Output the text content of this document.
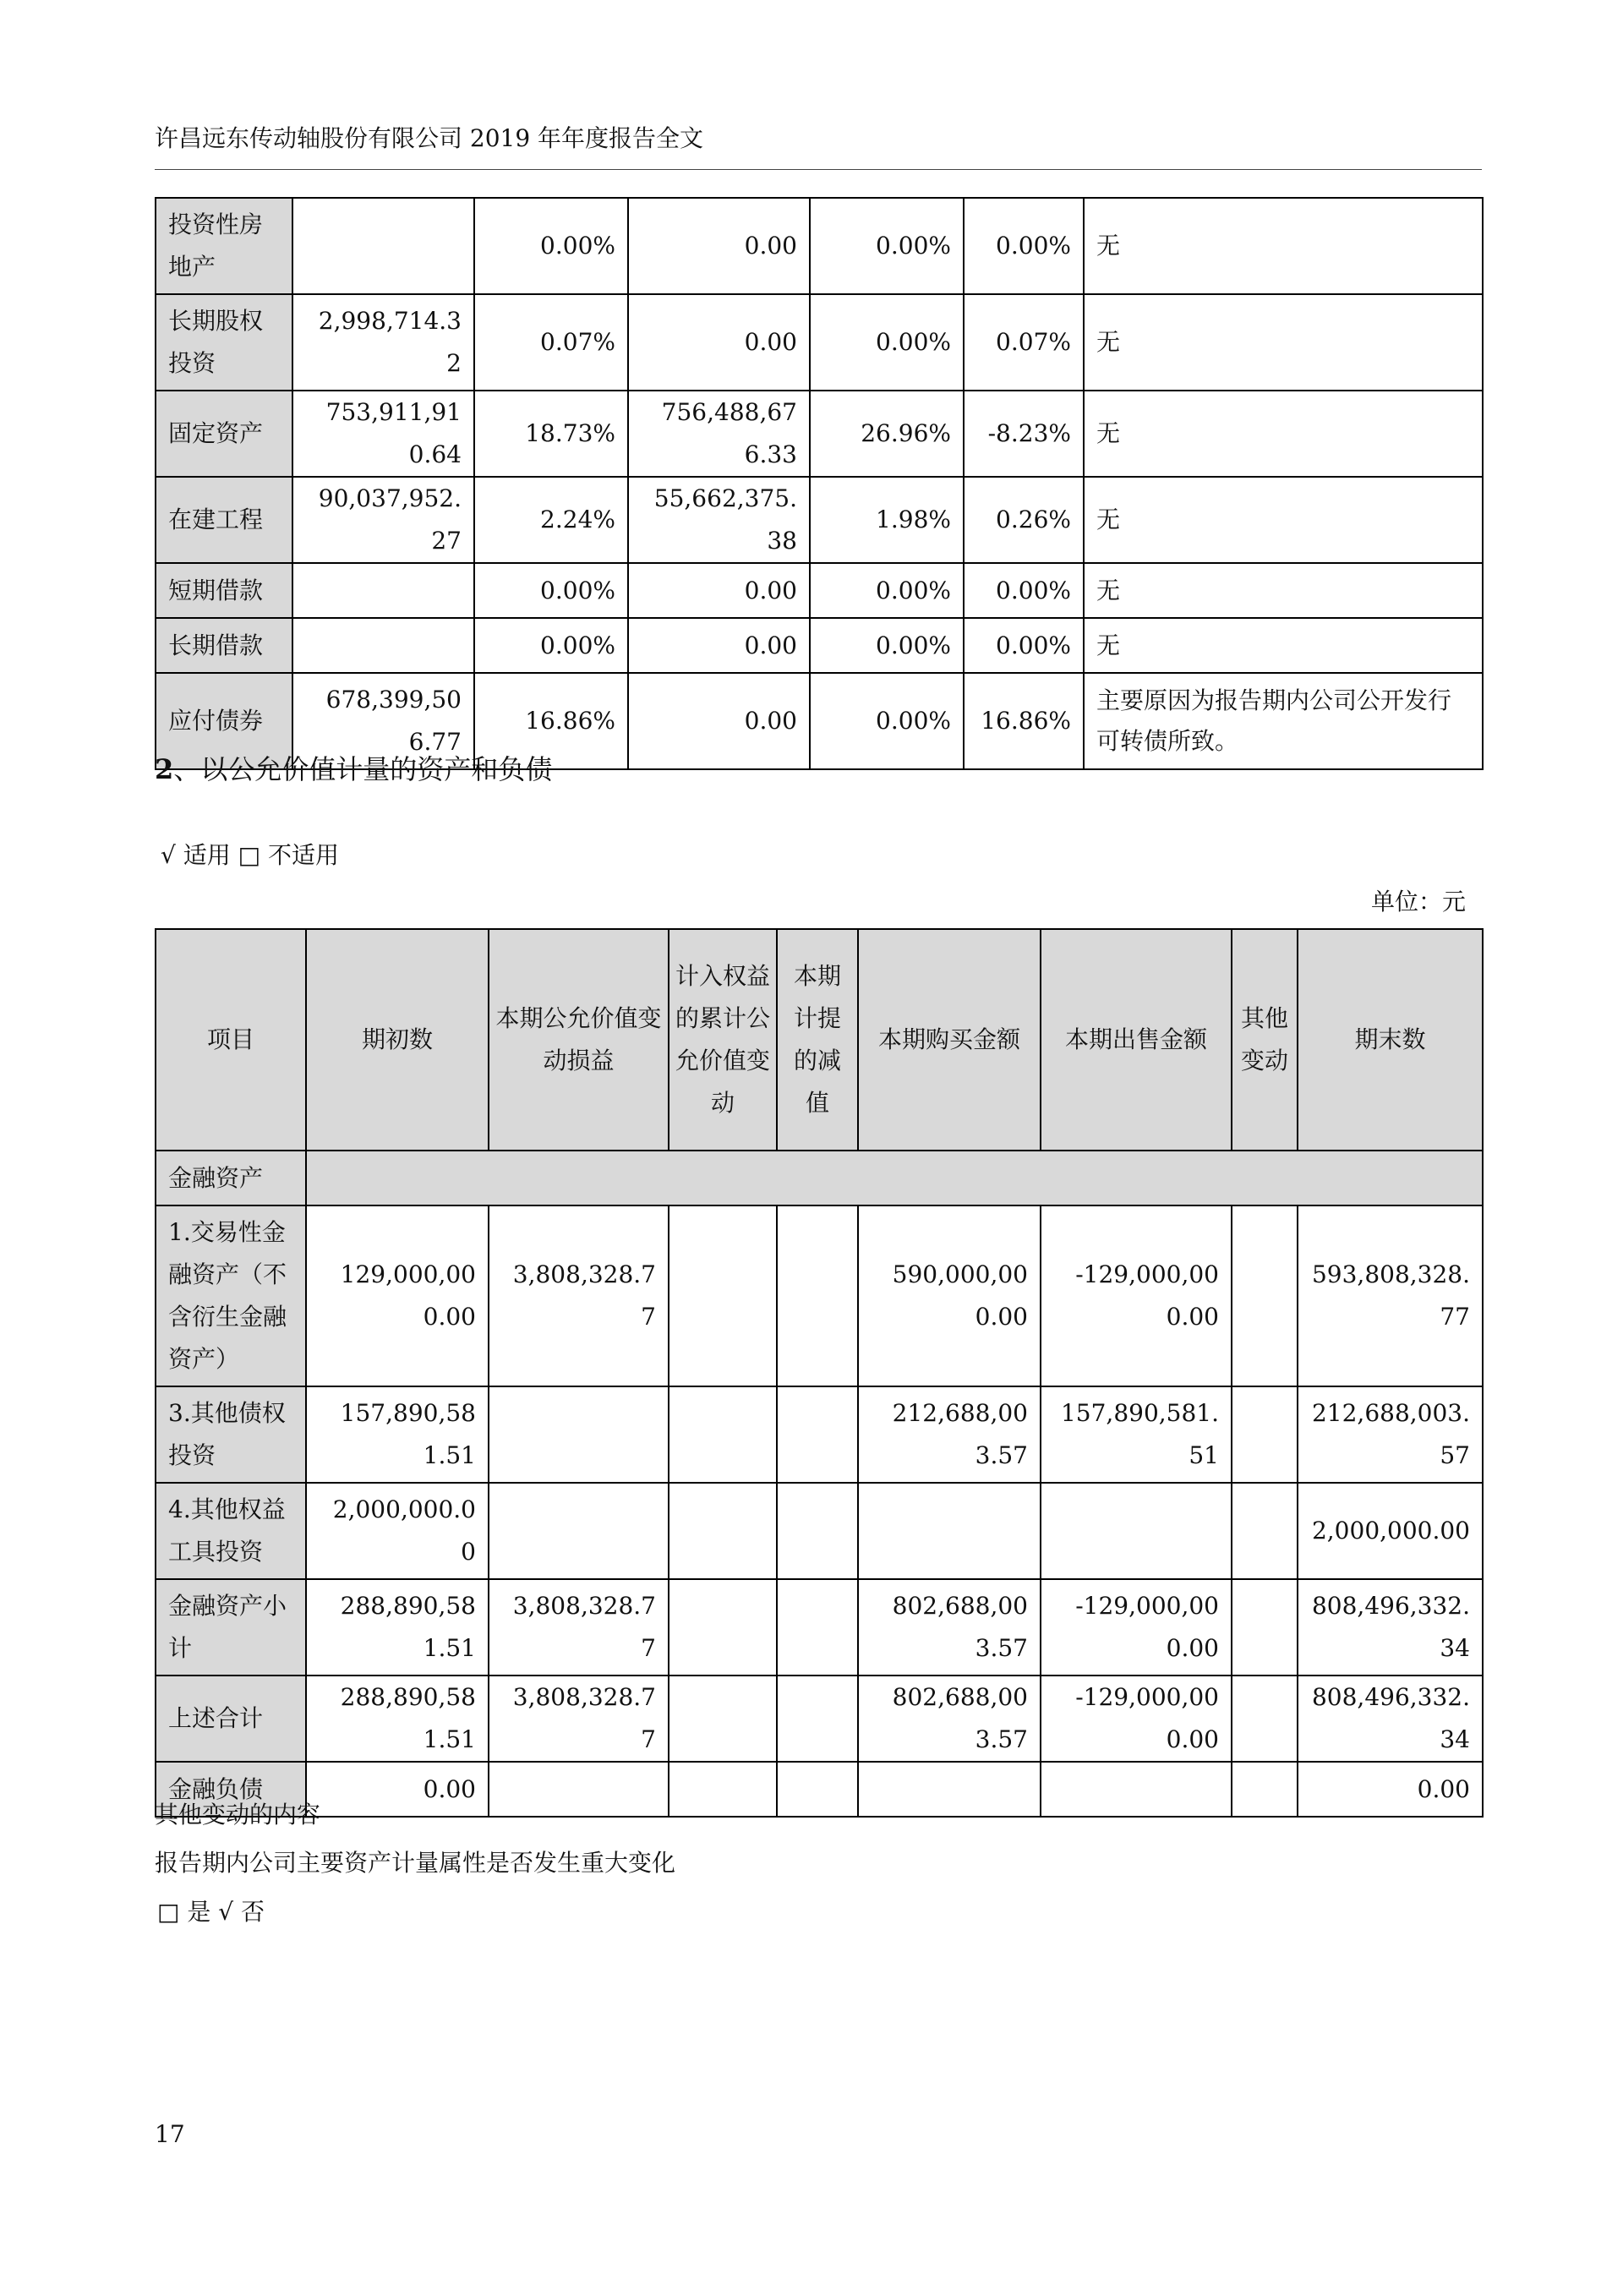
许昌远东传动轴股份有限公司 2019 年年度报告全文
投资性房地产		0.00%	0.00	0.00%	0.00%	无
长期股权投资	2,998,714.32	0.07%	0.00	0.00%	0.07%	无
固定资产	753,911,910.64	18.73%	756,488,676.33	26.96%	-8.23%	无
在建工程	90,037,952.27	2.24%	55,662,375.38	1.98%	0.26%	无
短期借款		0.00%	0.00	0.00%	0.00%	无
长期借款		0.00%	0.00	0.00%	0.00%	无
应付债券	678,399,506.77	16.86%	0.00	0.00%	16.86%	主要原因为报告期内公司公开发行可转债所致。
2、以公允价值计量的资产和负债
√ 适用 □ 不适用
单位：元
项目	期初数	本期公允价值变动损益	计入权益的累计公允价值变动	本期计提的减值	本期购买金额	本期出售金额	其他变动	期末数
金融资产								
1.交易性金融资产（不含衍生金融资产）	129,000,000.00	3,808,328.77			590,000,000.00	-129,000,000.00		593,808,328.77
3.其他债权投资	157,890,581.51				212,688,003.57	157,890,581.51		212,688,003.57
4.其他权益工具投资	2,000,000.00							2,000,000.00
金融资产小计	288,890,581.51	3,808,328.77			802,688,003.57	-129,000,000.00		808,496,332.34
上述合计	288,890,581.51	3,808,328.77			802,688,003.57	-129,000,000.00		808,496,332.34
金融负债	0.00							0.00
其他变动的内容
报告期内公司主要资产计量属性是否发生重大变化
□ 是 √ 否
17
